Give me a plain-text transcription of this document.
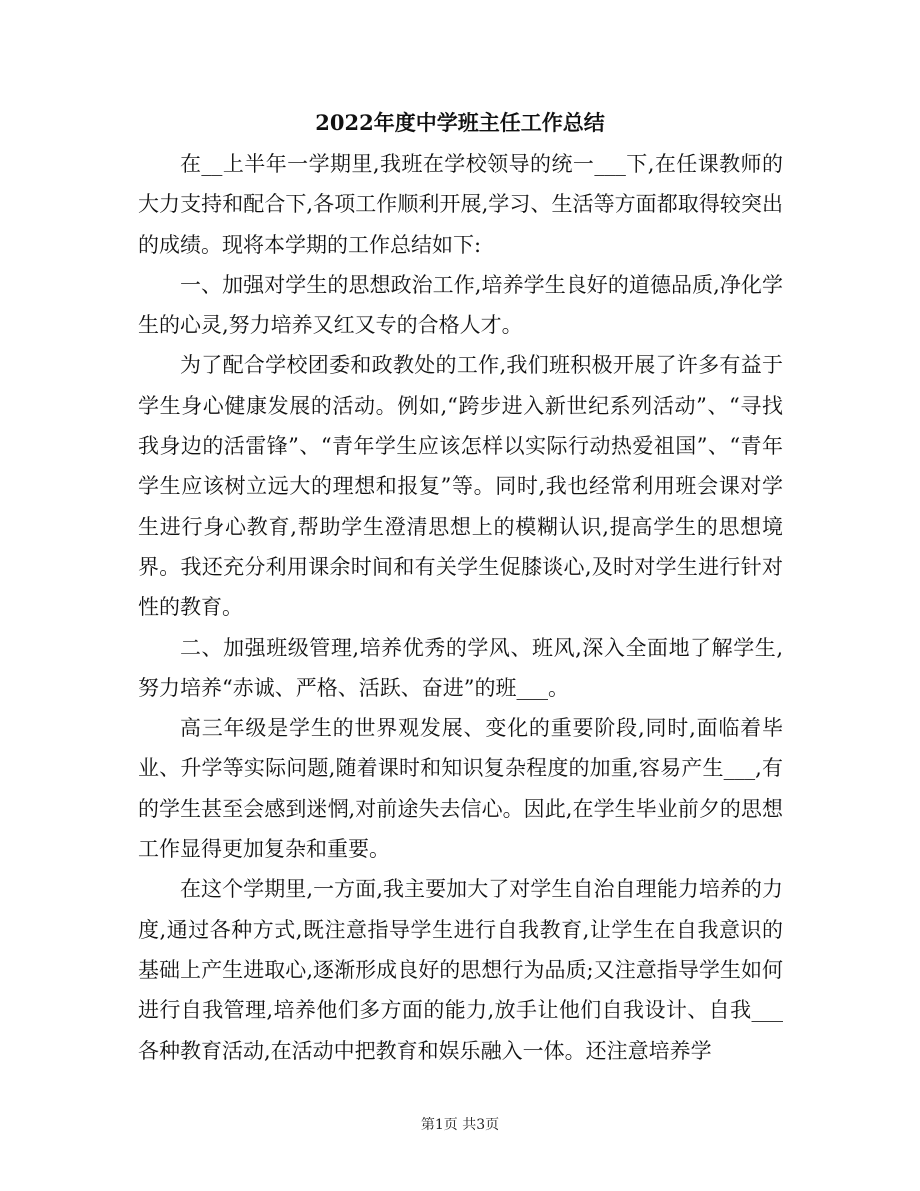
2022年度中学班主任工作总结

在__上半年一学期里,我班在学校领导的统一___下,在任课教师的大力支持和配合下,各项工作顺利开展,学习、生活等方面都取得较突出的成绩。现将本学期的工作总结如下:

一、加强对学生的思想政治工作,培养学生良好的道德品质,净化学生的心灵,努力培养又红又专的合格人才。

为了配合学校团委和政教处的工作,我们班积极开展了许多有益于学生身心健康发展的活动。例如,“跨步进入新世纪系列活动”、“寻找我身边的活雷锋”、“青年学生应该怎样以实际行动热爱祖国”、“青年学生应该树立远大的理想和报复”等。同时,我也经常利用班会课对学生进行身心教育,帮助学生澄清思想上的模糊认识,提高学生的思想境界。我还充分利用课余时间和有关学生促膝谈心,及时对学生进行针对性的教育。

二、加强班级管理,培养优秀的学风、班风,深入全面地了解学生,努力培养“赤诚、严格、活跃、奋进”的班___。

高三年级是学生的世界观发展、变化的重要阶段,同时,面临着毕业、升学等实际问题,随着课时和知识复杂程度的加重,容易产生___,有的学生甚至会感到迷惘,对前途失去信心。因此,在学生毕业前夕的思想工作显得更加复杂和重要。

在这个学期里,一方面,我主要加大了对学生自治自理能力培养的力度,通过各种方式,既注意指导学生进行自我教育,让学生在自我意识的基础上产生进取心,逐渐形成良好的思想行为品质;又注意指导学生如何进行自我管理,培养他们多方面的能力,放手让他们自我设计、自我___各种教育活动,在活动中把教育和娱乐融入一体。还注意培养学

第1页 共3页
